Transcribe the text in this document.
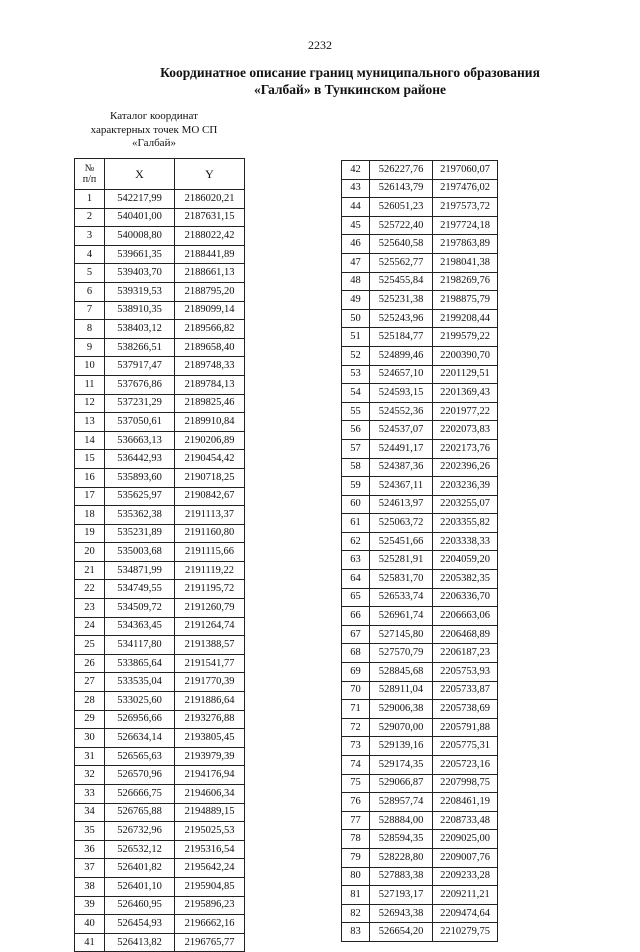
2232
Координатное описание границ муниципального образования
«Галбай» в Тункинском районе
Каталог координат
характерных точек МО СП
«Галбай»
№
п/п	X	Y
1	542217,99	2186020,21
2	540401,00	2187631,15
3	540008,80	2188022,42
4	539661,35	2188441,89
5	539403,70	2188661,13
6	539319,53	2188795,20
7	538910,35	2189099,14
8	538403,12	2189566,82
9	538266,51	2189658,40
10	537917,47	2189748,33
11	537676,86	2189784,13
12	537231,29	2189825,46
13	537050,61	2189910,84
14	536663,13	2190206,89
15	536442,93	2190454,42
16	535893,60	2190718,25
17	535625,97	2190842,67
18	535362,38	2191113,37
19	535231,89	2191160,80
20	535003,68	2191115,66
21	534871,99	2191119,22
22	534749,55	2191195,72
23	534509,72	2191260,79
24	534363,45	2191264,74
25	534117,80	2191388,57
26	533865,64	2191541,77
27	533535,04	2191770,39
28	533025,60	2191886,64
29	526956,66	2193276,88
30	526634,14	2193805,45
31	526565,63	2193979,39
32	526570,96	2194176,94
33	526666,75	2194606,34
34	526765,88	2194889,15
35	526732,96	2195025,53
36	526532,12	2195316,54
37	526401,82	2195642,24
38	526401,10	2195904,85
39	526460,95	2195896,23
40	526454,93	2196662,16
41	526413,82	2196765,77
42	526227,76	2197060,07
43	526143,79	2197476,02
44	526051,23	2197573,72
45	525722,40	2197724,18
46	525640,58	2197863,89
47	525562,77	2198041,38
48	525455,84	2198269,76
49	525231,38	2198875,79
50	525243,96	2199208,44
51	525184,77	2199579,22
52	524899,46	2200390,70
53	524657,10	2201129,51
54	524593,15	2201369,43
55	524552,36	2201977,22
56	524537,07	2202073,83
57	524491,17	2202173,76
58	524387,36	2202396,26
59	524367,11	2203236,39
60	524613,97	2203255,07
61	525063,72	2203355,82
62	525451,66	2203338,33
63	525281,91	2204059,20
64	525831,70	2205382,35
65	526533,74	2206336,70
66	526961,74	2206663,06
67	527145,80	2206468,89
68	527570,79	2206187,23
69	528845,68	2205753,93
70	528911,04	2205733,87
71	529006,38	2205738,69
72	529070,00	2205791,88
73	529139,16	2205775,31
74	529174,35	2205723,16
75	529066,87	2207998,75
76	528957,74	2208461,19
77	528884,00	2208733,48
78	528594,35	2209025,00
79	528228,80	2209007,76
80	527883,38	2209233,28
81	527193,17	2209211,21
82	526943,38	2209474,64
83	526654,20	2210279,75
